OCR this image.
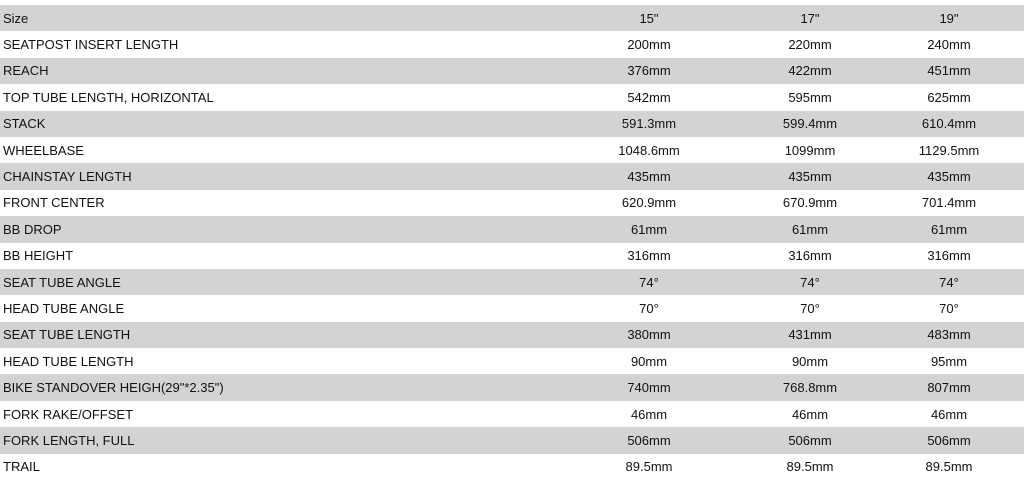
Size	15"	17"	19"
SEATPOST INSERT LENGTH	200mm	220mm	240mm
REACH	376mm	422mm	451mm
TOP TUBE LENGTH, HORIZONTAL	542mm	595mm	625mm
STACK	591.3mm	599.4mm	610.4mm
WHEELBASE	1048.6mm	1099mm	1129.5mm
CHAINSTAY LENGTH	435mm	435mm	435mm
FRONT CENTER	620.9mm	670.9mm	701.4mm
BB DROP	61mm	61mm	61mm
BB HEIGHT	316mm	316mm	316mm
SEAT TUBE ANGLE	74°	74°	74°
HEAD TUBE ANGLE	70°	70°	70°
SEAT TUBE LENGTH	380mm	431mm	483mm
HEAD TUBE LENGTH	90mm	90mm	95mm
BIKE STANDOVER HEIGH(29"*2.35")	740mm	768.8mm	807mm
FORK RAKE/OFFSET	46mm	46mm	46mm
FORK LENGTH, FULL	506mm	506mm	506mm
TRAIL	89.5mm	89.5mm	89.5mm
